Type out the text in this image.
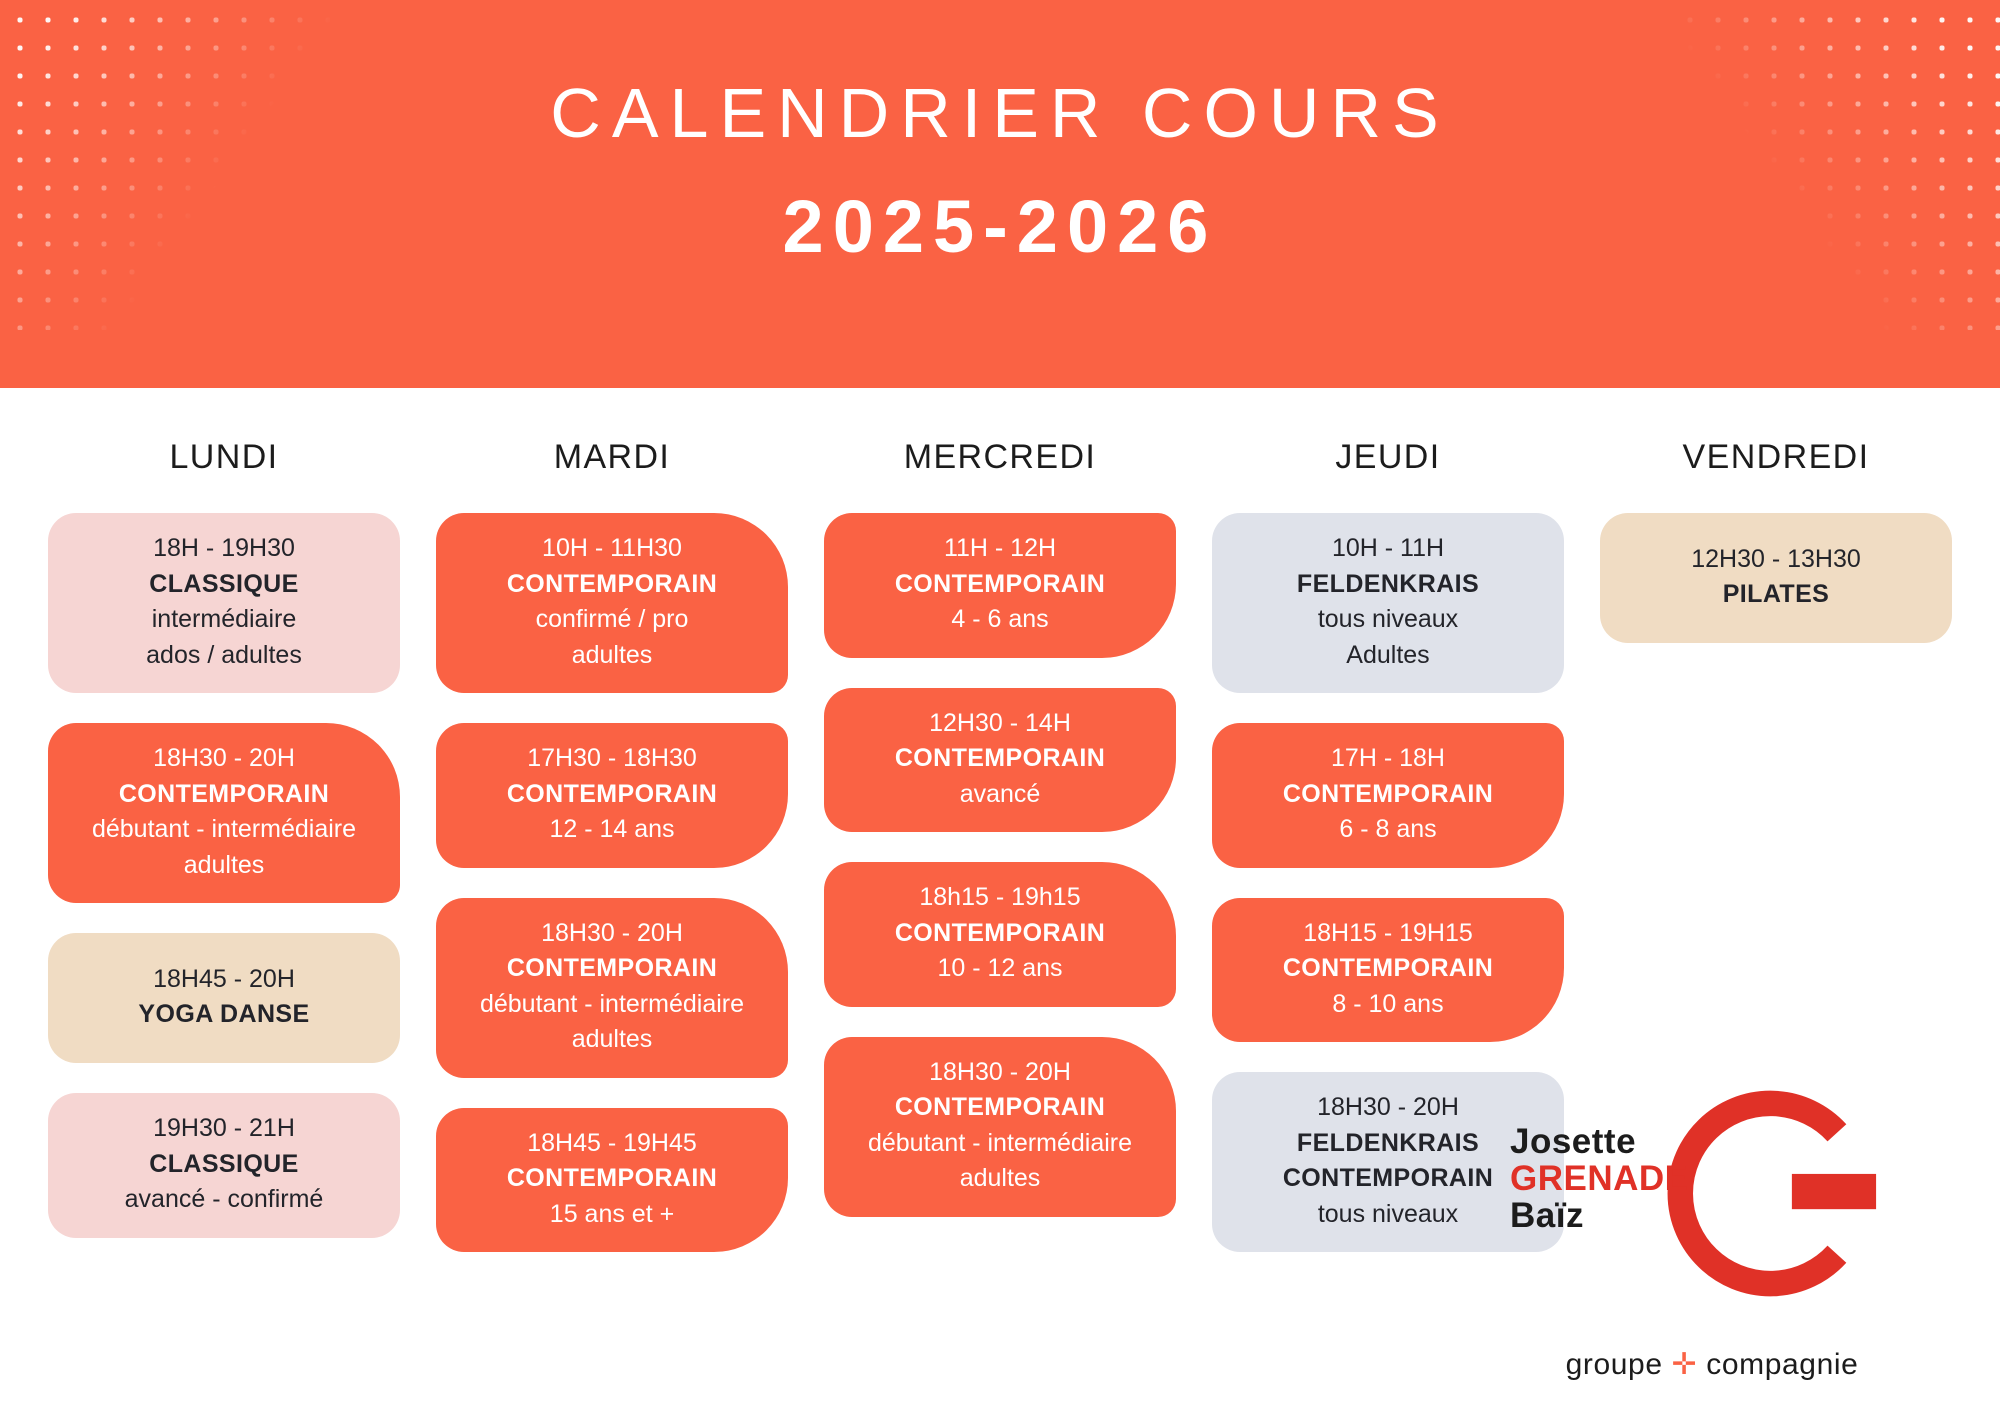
CALENDRIER COURS
2025-2026
LUNDI
18H - 19H30
CLASSIQUE
intermédiaire
ados / adultes
18H30 - 20H
CONTEMPORAIN
débutant - intermédiaire
adultes
18H45 - 20H
YOGA DANSE
19H30 - 21H
CLASSIQUE
avancé - confirmé
MARDI
10H - 11H30
CONTEMPORAIN
confirmé / pro
adultes
17H30 - 18H30
CONTEMPORAIN
12 - 14 ans
18H30 - 20H
CONTEMPORAIN
débutant - intermédiaire
adultes
18H45 - 19H45
CONTEMPORAIN
15 ans et +
MERCREDI
11H - 12H
CONTEMPORAIN
4 - 6 ans
12H30 - 14H
CONTEMPORAIN
avancé
18h15 - 19h15
CONTEMPORAIN
10 - 12 ans
18H30 - 20H
CONTEMPORAIN
débutant - intermédiaire
adultes
JEUDI
10H - 11H
FELDENKRAIS
tous niveaux
Adultes
17H - 18H
CONTEMPORAIN
6 - 8 ans
18H15 - 19H15
CONTEMPORAIN
8 - 10 ans
18H30 - 20H
FELDENKRAIS
CONTEMPORAIN
tous niveaux
VENDREDI
12H30 - 13H30
PILATES
Josette
GRENADE
Baïz
groupe ✛ compagnie
